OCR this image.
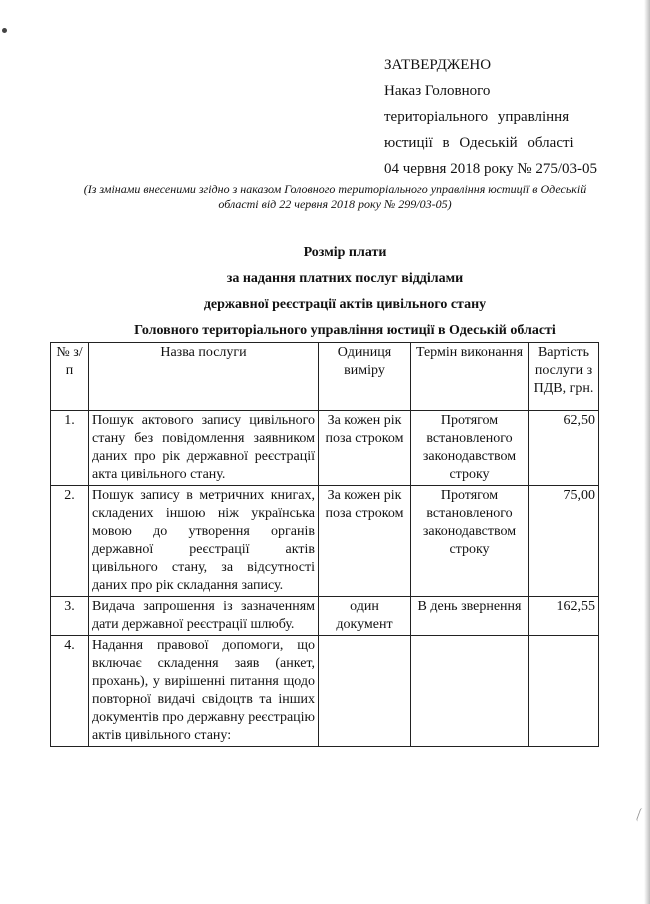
ЗАТВЕРДЖЕНО
Наказ Головного
територіального управління
юстиції в Одеській області
04 червня 2018 року № 275/03-05
(Із змінами внесеними згідно з наказом Головного територіального управління юстиції в Одеській області від 22 червня 2018 року № 299/03-05)
Розмір плати
за надання платних послуг відділами
державної реєстрації актів цивільного стану
Головного територіального управління юстиції в Одеській області
№ з/п	Назва послуги	Одиниця виміру	Термін виконання	Вартість послуги з ПДВ, грн.
1.	Пошук актового запису цивільного стану без повідомлення заявником даних про рік державної реєстрації акта цивільного стану.	За кожен рік поза строком	Протягом встановленого законодавством строку	62,50
2.	Пошук запису в метричних книгах, складених іншою ніж українська мовою до утворення органів державної реєстрації актів цивільного стану, за відсутності даних про рік складання запису.	За кожен рік поза строком	Протягом встановленого законодавством строку	75,00
3.	Видача запрошення із зазначенням дати державної реєстрації шлюбу.	один документ	В день звернення	162,55
4.	Надання правової допомоги, що включає складення заяв (анкет, прохань), у вирішенні питання щодо повторної видачі свідоцтв та інших документів про державну реєстрацію актів цивільного стану:			
